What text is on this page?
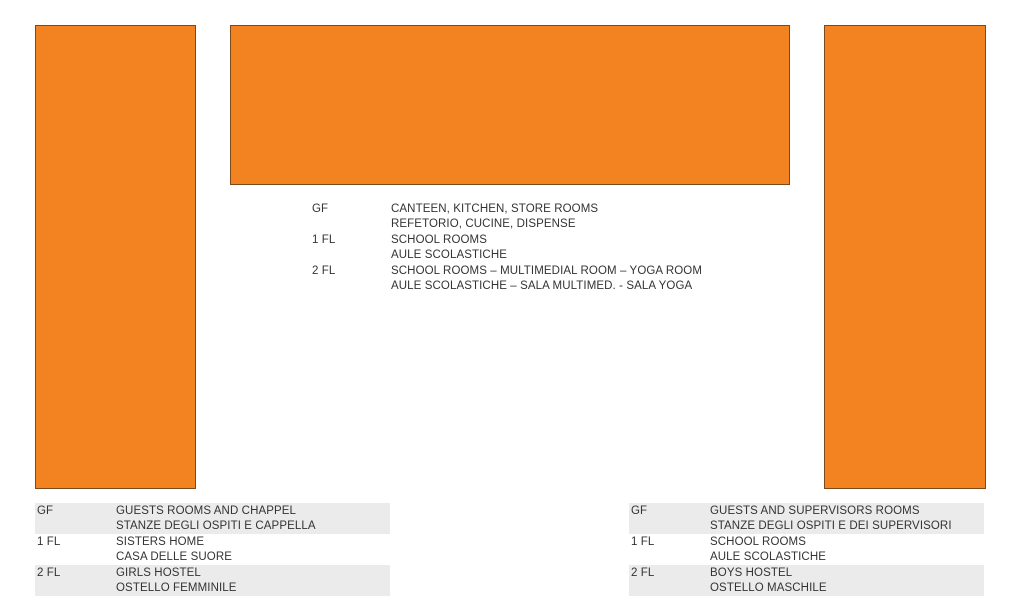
GF	CANTEEN, KITCHEN, STORE ROOMS
REFETORIO, CUCINE, DISPENSE
1 FL	SCHOOL ROOMS
AULE SCOLASTICHE
2 FL	SCHOOL ROOMS – MULTIMEDIAL ROOM – YOGA ROOM
AULE SCOLASTICHE – SALA MULTIMED. - SALA YOGA
GF	GUESTS ROOMS AND CHAPPEL
STANZE DEGLI OSPITI E CAPPELLA
1 FL	SISTERS HOME
CASA DELLE SUORE
2 FL	GIRLS HOSTEL
OSTELLO FEMMINILE
GF	GUESTS AND SUPERVISORS ROOMS
STANZE DEGLI OSPITI E DEI SUPERVISORI
1 FL	SCHOOL ROOMS
AULE SCOLASTICHE
2 FL	BOYS HOSTEL
OSTELLO MASCHILE
